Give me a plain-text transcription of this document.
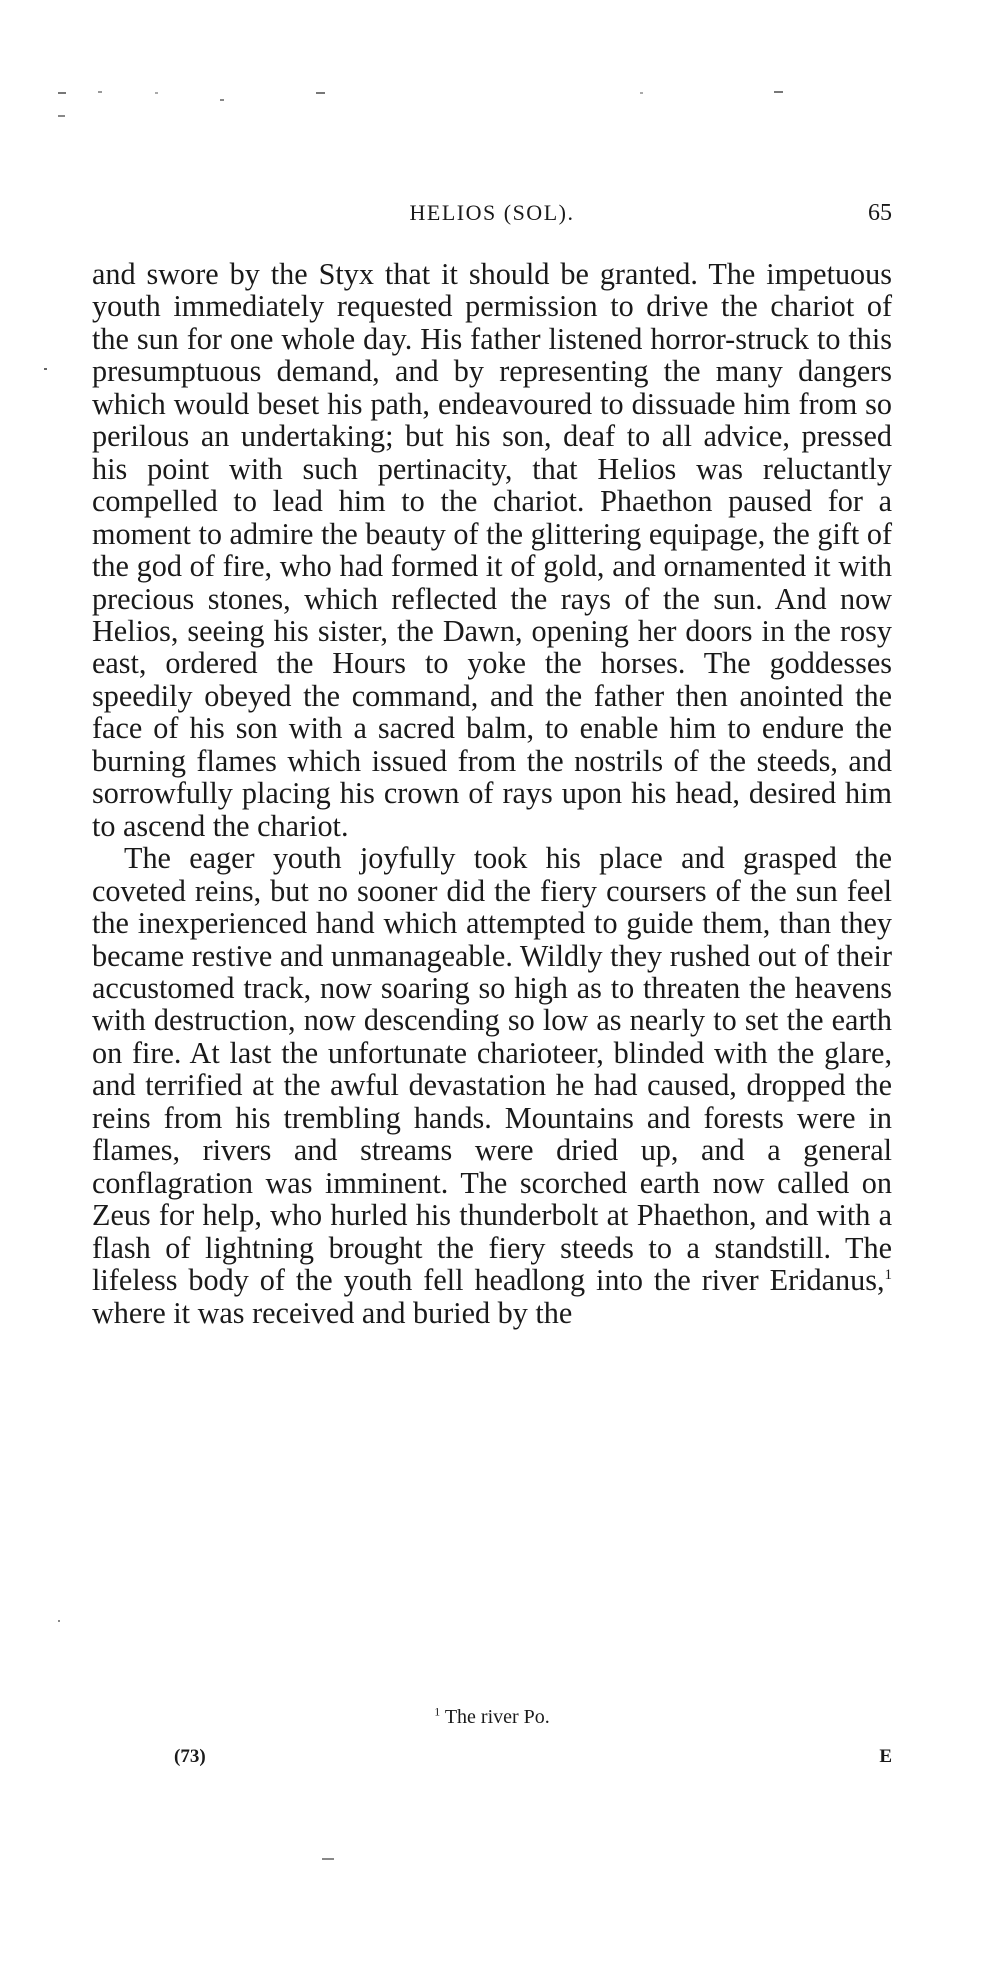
HELIOS (SOL).	65

and swore by the Styx that it should be granted. The impetuous youth immediately requested permission to drive the chariot of the sun for one whole day. His father listened horror-struck to this presumptuous demand, and by representing the many dangers which would beset his path, endeavoured to dissuade him from so perilous an undertaking; but his son, deaf to all advice, pressed his point with such pertinacity, that Helios was reluctantly compelled to lead him to the chariot. Phaethon paused for a moment to admire the beauty of the glittering equipage, the gift of the god of fire, who had formed it of gold, and ornamented it with precious stones, which reflected the rays of the sun. And now Helios, seeing his sister, the Dawn, opening her doors in the rosy east, ordered the Hours to yoke the horses. The goddesses speedily obeyed the command, and the father then anointed the face of his son with a sacred balm, to enable him to endure the burning flames which issued from the nostrils of the steeds, and sorrowfully placing his crown of rays upon his head, desired him to ascend the chariot.

The eager youth joyfully took his place and grasped the coveted reins, but no sooner did the fiery coursers of the sun feel the inexperienced hand which attempted to guide them, than they became restive and unmanageable. Wildly they rushed out of their accustomed track, now soaring so high as to threaten the heavens with destruction, now descending so low as nearly to set the earth on fire. At last the unfortunate charioteer, blinded with the glare, and terrified at the awful devastation he had caused, dropped the reins from his trembling hands. Mountains and forests were in flames, rivers and streams were dried up, and a general conflagration was imminent. The scorched earth now called on Zeus for help, who hurled his thunderbolt at Phaethon, and with a flash of lightning brought the fiery steeds to a standstill. The lifeless body of the youth fell headlong into the river Eridanus,$^1$ where it was received and buried by the

$^1$ The river Po.
(73)	E
